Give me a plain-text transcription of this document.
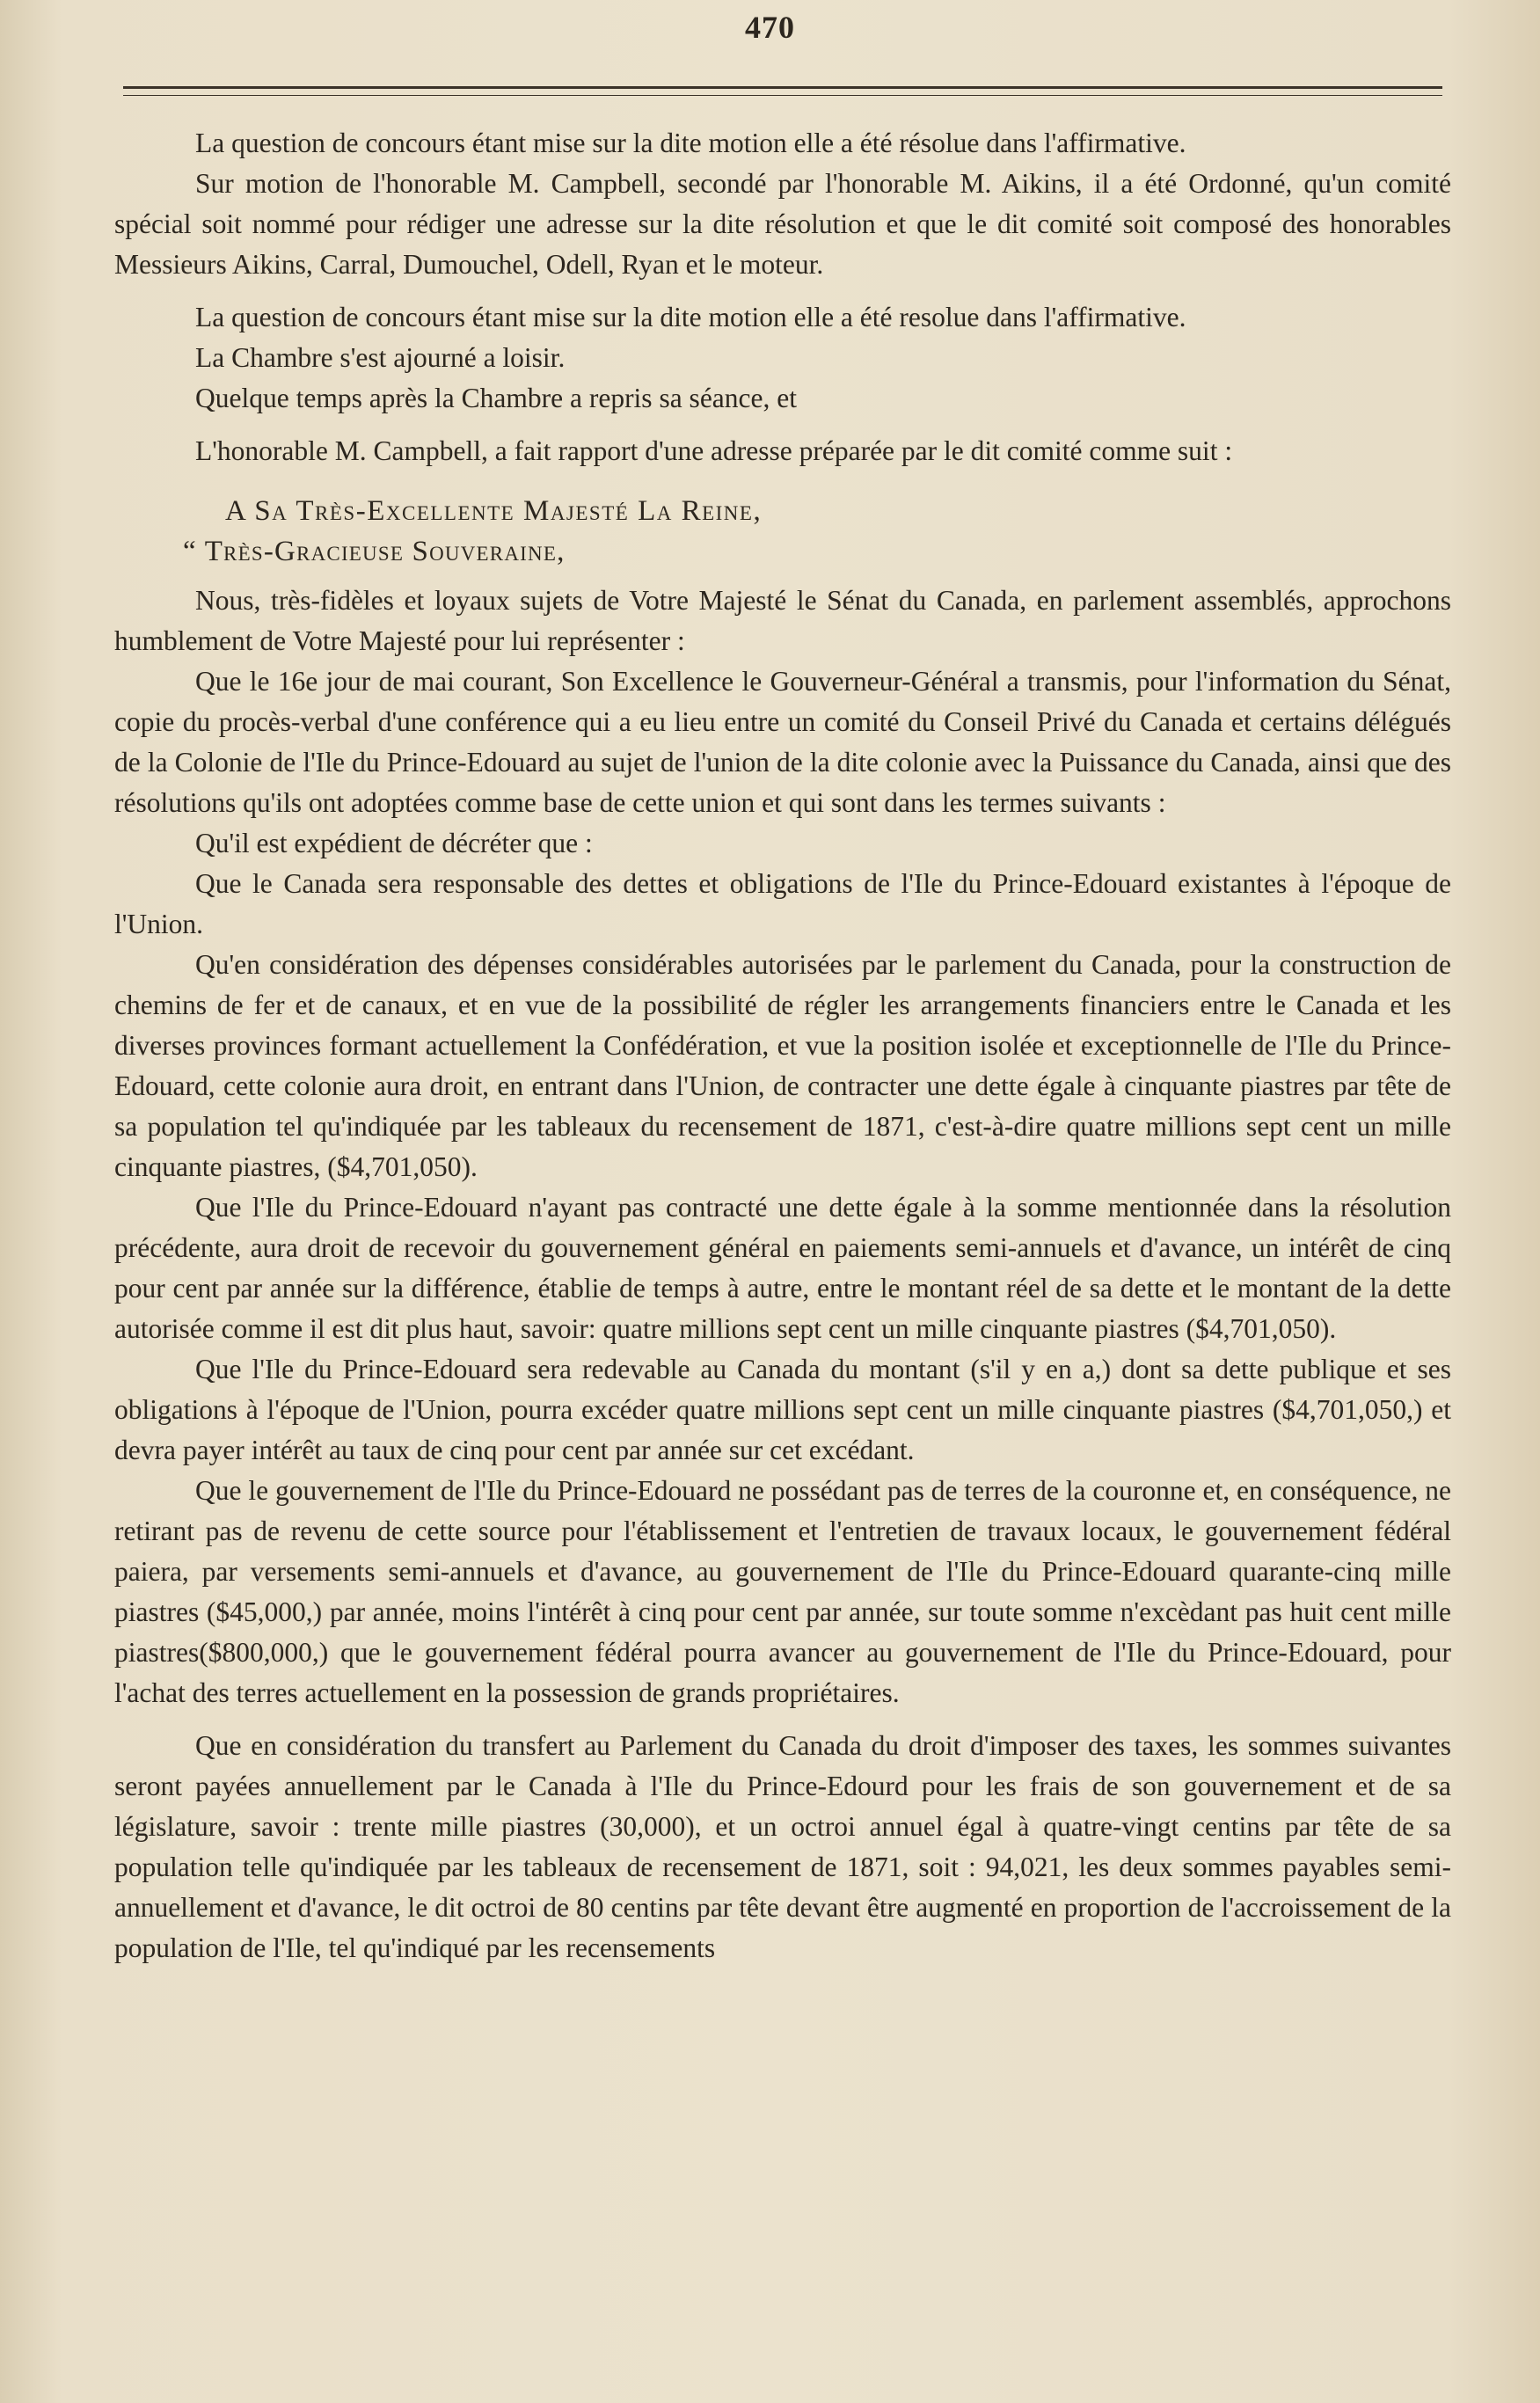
470

La question de concours étant mise sur la dite motion elle a été résolue dans l'affirmative.

Sur motion de l'honorable M. Campbell, secondé par l'honorable M. Aikins, il a été Ordonné, qu'un comité spécial soit nommé pour rédiger une adresse sur la dite résolution et que le dit comité soit composé des honorables Messieurs Aikins, Carral, Dumouchel, Odell, Ryan et le moteur.

La question de concours étant mise sur la dite motion elle a été resolue dans l'affirmative.

La Chambre s'est ajourné a loisir.

Quelque temps après la Chambre a repris sa séance, et

L'honorable M. Campbell, a fait rapport d'une adresse préparée par le dit comité comme suit :

A Sa Très-Excellente Majesté La Reine,

“ Très-Gracieuse Souveraine,

Nous, très-fidèles et loyaux sujets de Votre Majesté le Sénat du Canada, en parlement assemblés, approchons humblement de Votre Majesté pour lui représenter :

Que le 16e jour de mai courant, Son Excellence le Gouverneur-Général a transmis, pour l'information du Sénat, copie du procès-verbal d'une conférence qui a eu lieu entre un comité du Conseil Privé du Canada et certains délégués de la Colonie de l'Ile du Prince-Edouard au sujet de l'union de la dite colonie avec la Puissance du Canada, ainsi que des résolutions qu'ils ont adoptées comme base de cette union et qui sont dans les termes suivants :

Qu'il est expédient de décréter que :

Que le Canada sera responsable des dettes et obligations de l'Ile du Prince-Edouard existantes à l'époque de l'Union.

Qu'en considération des dépenses considérables autorisées par le parlement du Canada, pour la construction de chemins de fer et de canaux, et en vue de la possibilité de régler les arrangements financiers entre le Canada et les diverses provinces formant actuellement la Confédération, et vue la position isolée et exceptionnelle de l'Ile du Prince-Edouard, cette colonie aura droit, en entrant dans l'Union, de contracter une dette égale à cinquante piastres par tête de sa population tel qu'indiquée par les tableaux du recensement de 1871, c'est-à-dire quatre millions sept cent un mille cinquante piastres, ($4,701,050).

Que l'Ile du Prince-Edouard n'ayant pas contracté une dette égale à la somme mentionnée dans la résolution précédente, aura droit de recevoir du gouvernement général en paiements semi-annuels et d'avance, un intérêt de cinq pour cent par année sur la différence, établie de temps à autre, entre le montant réel de sa dette et le montant de la dette autorisée comme il est dit plus haut, savoir: quatre millions sept cent un mille cinquante piastres ($4,701,050).

Que l'Ile du Prince-Edouard sera redevable au Canada du montant (s'il y en a,) dont sa dette publique et ses obligations à l'époque de l'Union, pourra excéder quatre millions sept cent un mille cinquante piastres ($4,701,050,) et devra payer intérêt au taux de cinq pour cent par année sur cet excédant.

Que le gouvernement de l'Ile du Prince-Edouard ne possédant pas de terres de la couronne et, en conséquence, ne retirant pas de revenu de cette source pour l'établissement et l'entretien de travaux locaux, le gouvernement fédéral paiera, par versements semi-annuels et d'avance, au gouvernement de l'Ile du Prince-Edouard quarante-cinq mille piastres ($45,000,) par année, moins l'intérêt à cinq pour cent par année, sur toute somme n'excèdant pas huit cent mille piastres($800,000,) que le gouvernement fédéral pourra avancer au gouvernement de l'Ile du Prince-Edouard, pour l'achat des terres actuellement en la possession de grands propriétaires.

Que en considération du transfert au Parlement du Canada du droit d'imposer des taxes, les sommes suivantes seront payées annuellement par le Canada à l'Ile du Prince-Edourd pour les frais de son gouvernement et de sa législature, savoir : trente mille piastres (30,000), et un octroi annuel égal à quatre-vingt centins par tête de sa population telle qu'indiquée par les tableaux de recensement de 1871, soit : 94,021, les deux sommes payables semi-annuellement et d'avance, le dit octroi de 80 centins par tête devant être augmenté en proportion de l'accroissement de la population de l'Ile, tel qu'indiqué par les recensements
